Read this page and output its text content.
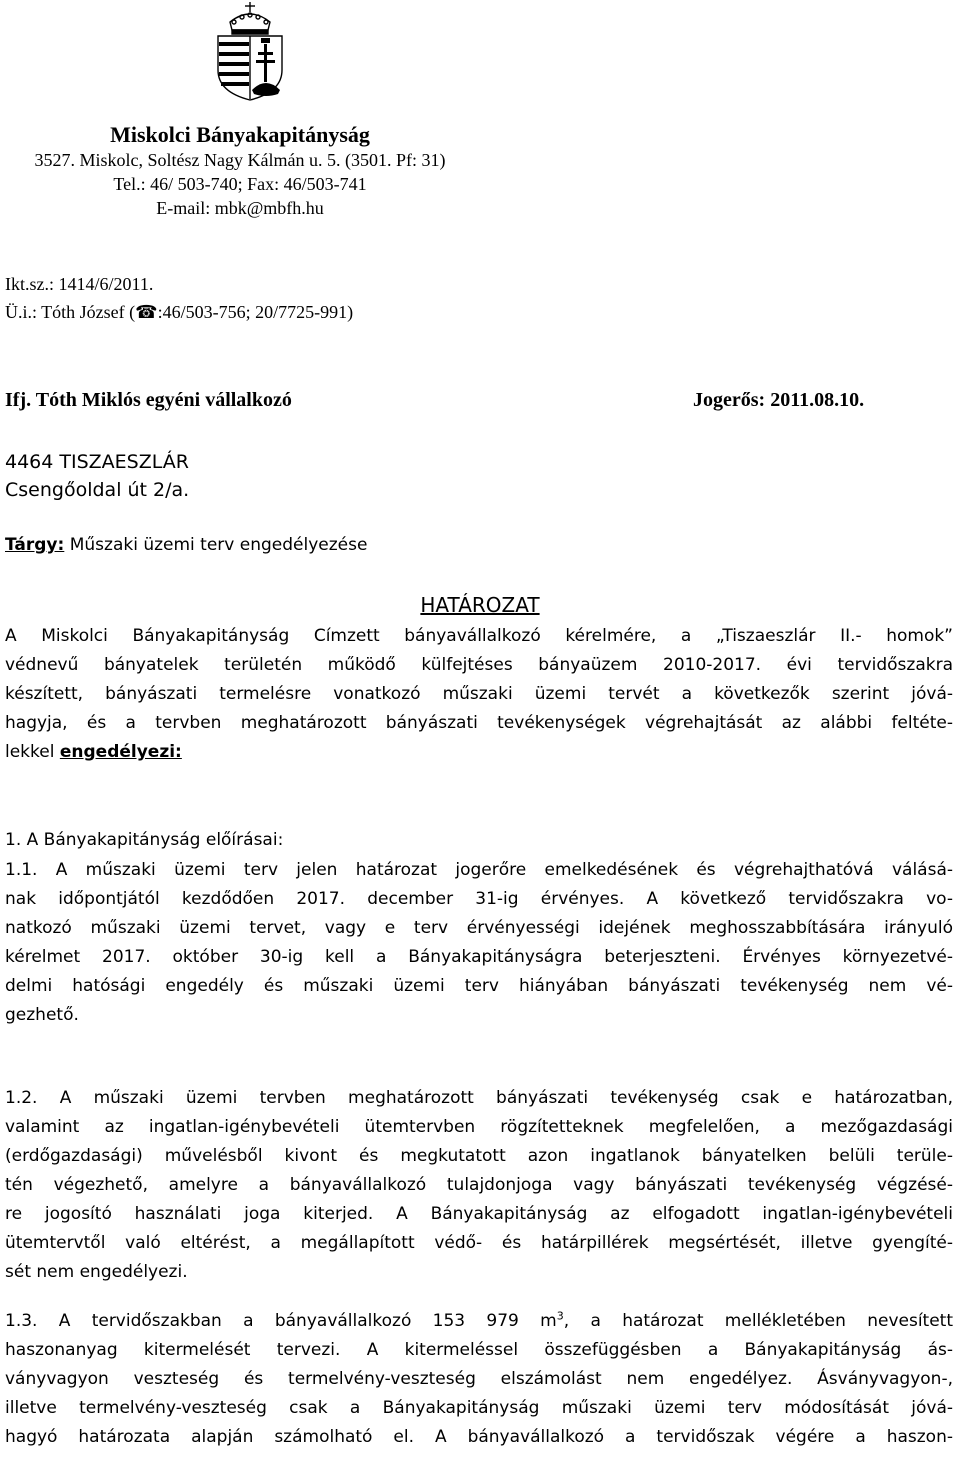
Miskolci Bányakapitányság
3527. Miskolc, Soltész Nagy Kálmán u. 5. (3501. Pf: 31)
Tel.: 46/ 503-740; Fax: 46/503-741
E-mail: mbk@mbfh.hu
Ikt.sz.: 1414/6/2011.
Ü.i.: Tóth József (☎:46/503-756; 20/7725-991)
Ifj. Tóth Miklós egyéni vállalkozó	Jogerős: 2011.08.10.
4464 TISZAESZLÁR
Csengőoldal út 2/a.
Tárgy: Műszaki üzemi terv engedélyezése
HATÁROZAT
A Miskolci Bányakapitányság Címzett bányavállalkozó kérelmére, a „Tiszaeszlár II.- homok”
védnevű bányatelek területén működő külfejtéses bányaüzem 2010-2017. évi tervidőszakra
készített, bányászati termelésre vonatkozó műszaki üzemi tervét a következők szerint jóvá-
hagyja, és a tervben meghatározott bányászati tevékenységek végrehajtását az alábbi feltéte-
lekkel engedélyezi:
1. A Bányakapitányság előírásai:
1.1. A műszaki üzemi terv jelen határozat jogerőre emelkedésének és végrehajthatóvá válásá-
nak időpontjától kezdődően 2017. december 31-ig érvényes. A következő tervidőszakra vo-
natkozó műszaki üzemi tervet, vagy e terv érvényességi idejének meghosszabbítására irányuló
kérelmet 2017. október 30-ig kell a Bányakapitányságra beterjeszteni. Érvényes környezetvé-
delmi hatósági engedély és műszaki üzemi terv hiányában bányászati tevékenység nem vé-
gezhető.
1.2. A műszaki üzemi tervben meghatározott bányászati tevékenység csak e határozatban,
valamint az ingatlan-igénybevételi ütemtervben rögzítetteknek megfelelően, a mezőgazdasági
(erdőgazdasági) művelésből kivont és megkutatott azon ingatlanok bányatelken belüli terüle-
tén végezhető, amelyre a bányavállalkozó tulajdonjoga vagy bányászati tevékenység végzésé-
re jogosító használati joga kiterjed. A Bányakapitányság az elfogadott ingatlan-igénybevételi
ütemtervtől való eltérést, a megállapított védő- és határpillérek megsértését, illetve gyengíté-
sét nem engedélyezi.
1.3. A tervidőszakban a bányavállalkozó 153 979 $m^3$, a határozat mellékletében nevesített
haszonanyag kitermelését tervezi. A kitermeléssel összefüggésben a Bányakapitányság ás-
ványvagyon veszteség és termelvény-veszteség elszámolást nem engedélyez. Ásványvagyon-,
illetve termelvény-veszteség csak a Bányakapitányság műszaki üzemi terv módosítását jóvá-
hagyó határozata alapján számolható el. A bányavállalkozó a tervidőszak végére a haszon-
